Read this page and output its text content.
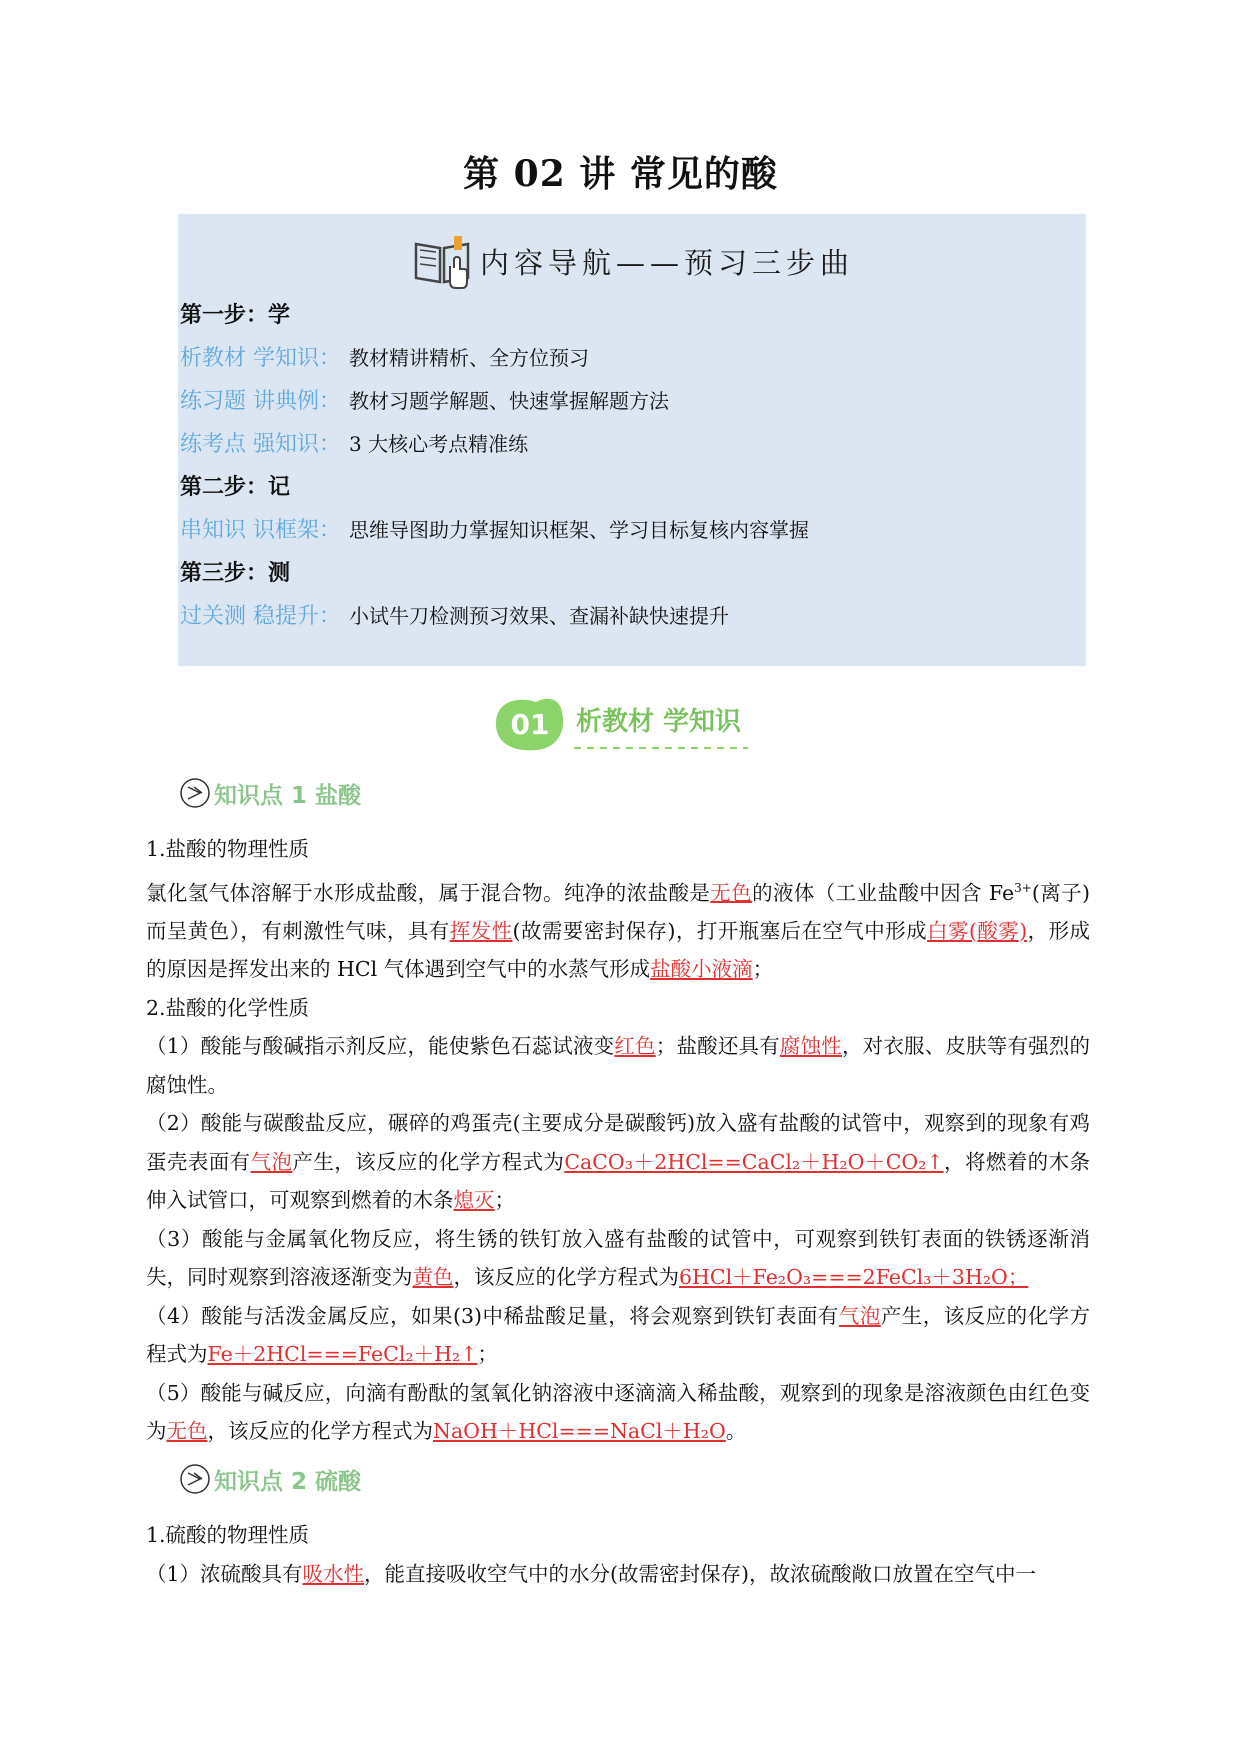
第 02 讲 常见的酸
内容导航——预习三步曲
第一步：学
析教材 学知识： 教材精讲精析、全方位预习
练习题 讲典例： 教材习题学解题、快速掌握解题方法
练考点 强知识： 3 大核心考点精准练
第二步：记
串知识 识框架： 思维导图助力掌握知识框架、学习目标复核内容掌握
第三步：测
过关测 稳提升： 小试牛刀检测预习效果、查漏补缺快速提升
01 析教材 学知识
知识点 1 盐酸

1.盐酸的物理性质

氯化氢气体溶解于水形成盐酸，属于混合物。纯净的浓盐酸是无色的液体（工业盐酸中因含 $Fe^{3+}$(离子)而呈黄色），有刺激性气味，具有挥发性(故需要密封保存)，打开瓶塞后在空气中形成白雾(酸雾)，形成的原因是挥发出来的 HCl 气体遇到空气中的水蒸气形成盐酸小液滴；

2.盐酸的化学性质

（1）酸能与酸碱指示剂反应，能使紫色石蕊试液变红色；盐酸还具有腐蚀性，对衣服、皮肤等有强烈的腐蚀性。

（2）酸能与碳酸盐反应，碾碎的鸡蛋壳(主要成分是碳酸钙)放入盛有盐酸的试管中，观察到的现象有鸡蛋壳表面有气泡产生，该反应的化学方程式为CaCO₃＋2HCl==CaCl₂＋H₂O＋CO₂↑，将燃着的木条伸入试管口，可观察到燃着的木条熄灭；

（3）酸能与金属氧化物反应，将生锈的铁钉放入盛有盐酸的试管中，可观察到铁钉表面的铁锈逐渐消失，同时观察到溶液逐渐变为黄色，该反应的化学方程式为6HCl＋Fe₂O₃===2FeCl₃＋3H₂O；

（4）酸能与活泼金属反应，如果(3)中稀盐酸足量，将会观察到铁钉表面有气泡产生，该反应的化学方程式为Fe＋2HCl===FeCl₂＋H₂↑；

（5）酸能与碱反应，向滴有酚酞的氢氧化钠溶液中逐滴滴入稀盐酸，观察到的现象是溶液颜色由红色变为无色，该反应的化学方程式为NaOH＋HCl===NaCl＋H₂O。

知识点 2 硫酸

1.硫酸的物理性质

（1）浓硫酸具有吸水性，能直接吸收空气中的水分(故需密封保存)，故浓硫酸敞口放置在空气中一
